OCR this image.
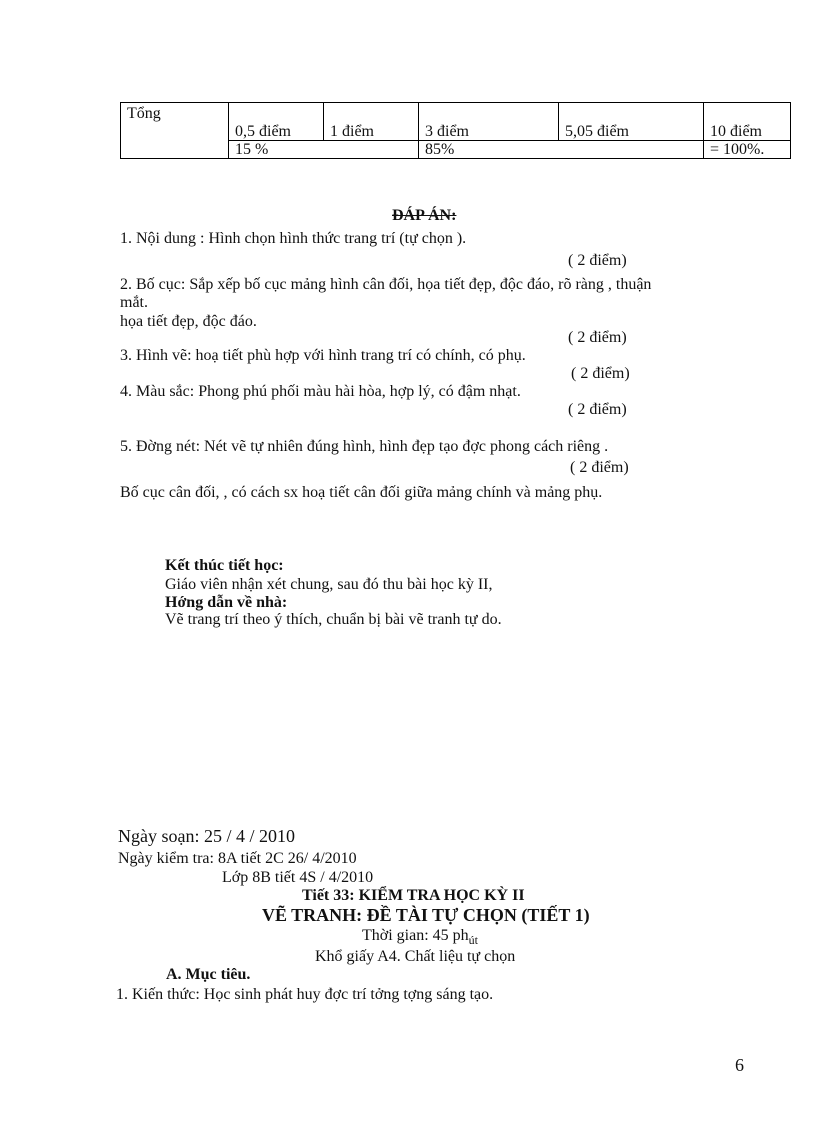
Tổng	0,5 điểm	1 điểm	3 điểm	5,05 điểm	10 điểm
	15 %		85%		= 100%.
ĐÁP ÁN:
1. Nội dung : Hình chọn hình thức trang trí (tự chọn ).
( 2 điểm)
2. Bố cục: Sắp xếp bố cục mảng hình cân đối, họa tiết đẹp, độc đáo, rõ ràng , thuận
mắt.
họa tiết đẹp, độc đáo.
( 2 điểm)
3. Hình vẽ: hoạ tiết phù hợp với hình trang trí có chính, có phụ.
( 2 điểm)
4. Màu sắc: Phong phú phối màu hài hòa, hợp lý, có đậm nhạt.
( 2 điểm)
5. Đờng nét: Nét vẽ tự nhiên đúng hình, hình đẹp tạo đợc phong cách riêng .
( 2 điểm)
Bố cục cân đối, , có cách sx hoạ tiết cân đối giữa mảng chính và mảng phụ.
Kết thúc tiết học:
Giáo viên nhận xét chung, sau đó thu bài học kỳ II,
Hớng dẫn về nhà:
Vẽ trang trí theo ý thích, chuẩn bị bài vẽ tranh tự do.
Ngày soạn: 25 / 4 / 2010
Ngày kiểm tra: 8A tiết 2C 26/ 4/2010
Lớp 8B tiết 4S / 4/2010
Tiết 33: KIỂM TRA HỌC KỲ II
VẼ TRANH: ĐỀ TÀI TỰ CHỌN (TIẾT 1)
Thời gian: 45 $ph_{út}$
Khổ giấy A4. Chất liệu tự chọn
A. Mục tiêu.
1. Kiến thức: Học sinh phát huy đợc trí tởng tợng sáng tạo.
6
